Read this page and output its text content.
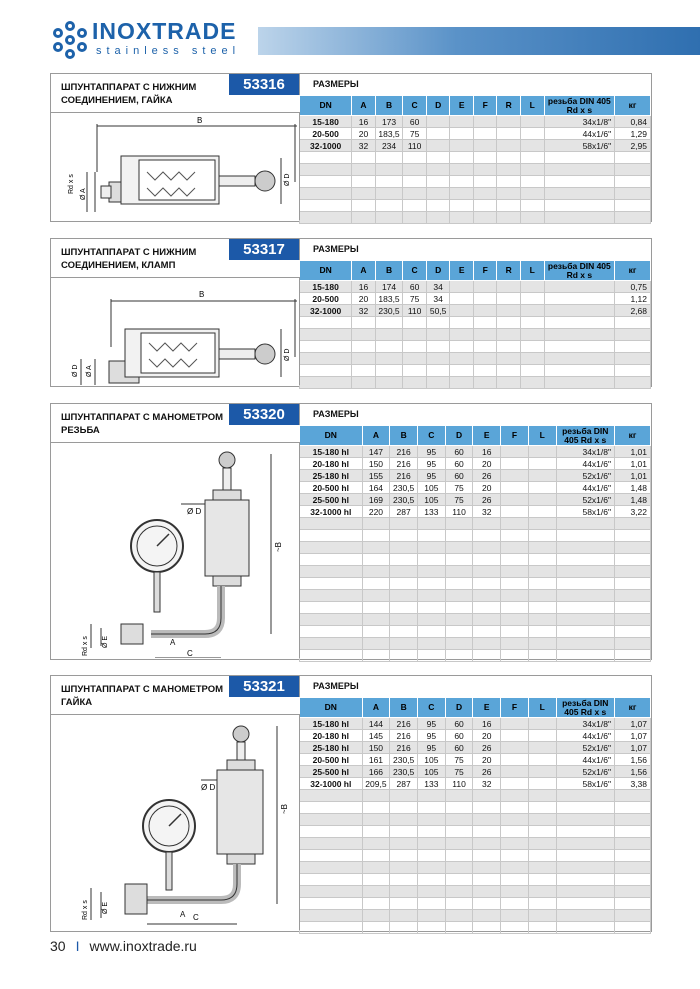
INOXTRADE
stainless steel
ШПУНТАППАРАТ С НИЖНИМ СОЕДИНЕНИЕМ, ГАЙКА
53316	РАЗМЕРЫ
DN	A	B	C	D	E	F	R	L	резьба DIN 405 Rd x s	кг
15-180	16	173	60						34x1/8"	0,84
20-500	20	183,5	75						44x1/6"	1,29
32-1000	32	234	110						58x1/6"	2,95

B
Rd x s
Ø A
Ø D
ШПУНТАППАРАТ С НИЖНИМ СОЕДИНЕНИЕМ, КЛАМП
53317	РАЗМЕРЫ
DN	A	B	C	D	E	F	R	L	резьба DIN 405 Rd x s	кг
15-180	16	174	60	34						0,75
20-500	20	183,5	75	34						1,12
32-1000	32	230,5	110	50,5						2,68

B
Ø D Ø A
Ø D
ШПУНТАППАРАТ С МАНОМЕТРОМ РЕЗЬБА
53320	РАЗМЕРЫ
DN	A	B	C	D	E	F	L	резьба DIN 405 Rd x s	кг
15-180 hl	147	216	95	60	16			34x1/8"	1,01
20-180 hl	150	216	95	60	20			44x1/6"	1,01
25-180 hl	155	216	95	60	26			52x1/6"	1,01
20-500 hl	164	230,5	105	75	20			44x1/6"	1,48
25-500 hl	169	230,5	105	75	26			52x1/6"	1,48
32-1000 hl	220	287	133	110	32			58x1/6"	3,22

Ø D
~B
Rd x s Ø E
C
ШПУНТАППАРАТ С МАНОМЕТРОМ ГАЙКА
53321	РАЗМЕРЫ
DN	A	B	C	D	E	F	L	резьба DIN 405 Rd x s	кг
15-180 hl	144	216	95	60	16			34x1/8"	1,07
20-180 hl	145	216	95	60	20			44x1/6"	1,07
25-180 hl	150	216	95	60	26			52x1/6"	1,07
20-500 hl	161	230,5	105	75	20			44x1/6"	1,56
25-500 hl	166	230,5	105	75	26			52x1/6"	1,56
32-1000 hl	209,5	287	133	110	32			58x1/6"	3,38

Ø D
~B
Rd x s Ø E
C
A
A
30 I www.inoxtrade.ru
